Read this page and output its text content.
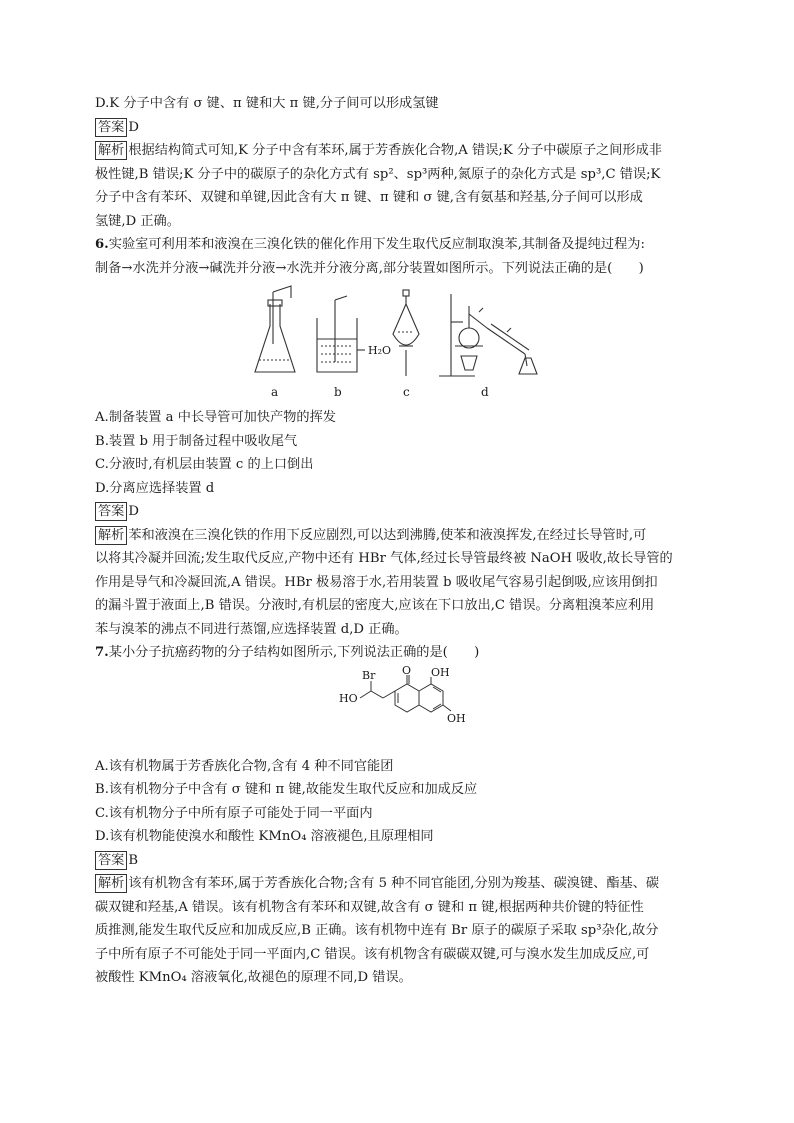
D.K 分子中含有 σ 键、π 键和大 π 键,分子间可以形成氢键

答案 D

解析 根据结构简式可知,K 分子中含有苯环,属于芳香族化合物,A 错误;K 分子中碳原子之间形成非

极性键,B 错误;K 分子中的碳原子的杂化方式有 sp²、sp³两种,氮原子的杂化方式是 sp³,C 错误;K

分子中含有苯环、双键和单键,因此含有大 π 键、π 键和 σ 键,含有氨基和羟基,分子间可以形成

氢键,D 正确。

6.实验室可利用苯和液溴在三溴化铁的催化作用下发生取代反应制取溴苯,其制备及提纯过程为:

制备→水洗并分液→碱洗并分液→水洗并分液分离,部分装置如图所示。下列说法正确的是(　　)

H₂O
a	b	c	d

A.制备装置 a 中长导管可加快产物的挥发

B.装置 b 用于制备过程中吸收尾气

C.分液时,有机层由装置 c 的上口倒出

D.分离应选择装置 d

答案 D

解析 苯和液溴在三溴化铁的作用下反应剧烈,可以达到沸腾,使苯和液溴挥发,在经过长导管时,可

以将其冷凝并回流;发生取代反应,产物中还有 HBr 气体,经过长导管最终被 NaOH 吸收,故长导管的

作用是导气和冷凝回流,A 错误。HBr 极易溶于水,若用装置 b 吸收尾气容易引起倒吸,应该用倒扣

的漏斗置于液面上,B 错误。分液时,有机层的密度大,应该在下口放出,C 错误。分离粗溴苯应利用

苯与溴苯的沸点不同进行蒸馏,应选择装置 d,D 正确。

7.某小分子抗癌药物的分子结构如图所示,下列说法正确的是(　　)

Br O OH
HO
OH

A.该有机物属于芳香族化合物,含有 4 种不同官能团

B.该有机物分子中含有 σ 键和 π 键,故能发生取代反应和加成反应

C.该有机物分子中所有原子可能处于同一平面内

D.该有机物能使溴水和酸性 KMnO₄ 溶液褪色,且原理相同

答案 B

解析 该有机物含有苯环,属于芳香族化合物;含有 5 种不同官能团,分别为羧基、碳溴键、酯基、碳

碳双键和羟基,A 错误。该有机物含有苯环和双键,故含有 σ 键和 π 键,根据两种共价键的特征性

质推测,能发生取代反应和加成反应,B 正确。该有机物中连有 Br 原子的碳原子采取 sp³杂化,故分

子中所有原子不可能处于同一平面内,C 错误。该有机物含有碳碳双键,可与溴水发生加成反应,可

被酸性 KMnO₄ 溶液氧化,故褪色的原理不同,D 错误。
